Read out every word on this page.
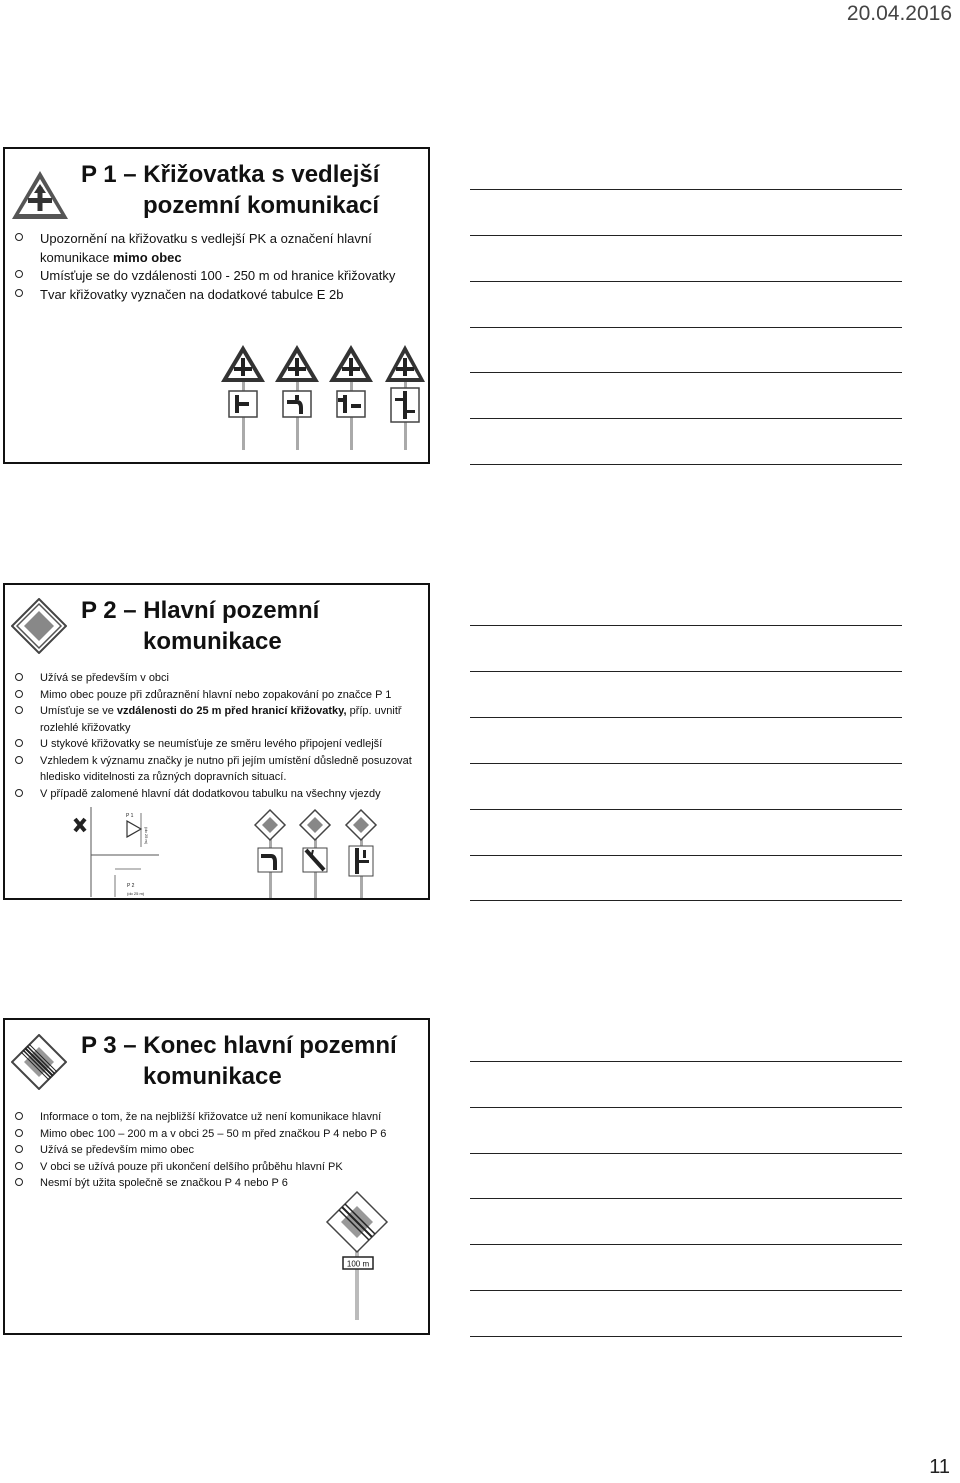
20.04.2016
P 1 – Křižovatka s vedlejší
pozemní komunikací
Upozornění na křižovatku s vedlejší PK a označení hlavní komunikace mimo obec
Umísťuje se do vzdálenosti 100 - 250 m od hranice křižovatky
Tvar křižovatky vyznačen na dodatkové tabulce E 2b
P 2 – Hlavní pozemní
komunikace
Užívá se především v obci
Mimo obec pouze při zdůraznění hlavní nebo zopakování po značce P 1
Umísťuje se ve vzdálenosti do 25 m před hranicí křižovatky, příp. uvnitř rozlehlé křižovatky
U stykové křižovatky se neumísťuje ze směru levého připojení vedlejší
Vzhledem k významu značky je nutno při jejím umístění důsledně posuzovat hledisko viditelnosti za různých dopravních situací.
V případě zalomené hlavní dát dodatkovou tabulku na všechny vjezdy
P 1
(do 25 m)
P 2
(do 25 m)
P 3 – Konec hlavní pozemní
komunikace
Informace o tom, že na nejbližší křižovatce už není komunikace hlavní
Mimo obec 100 – 200 m a v obci 25 – 50 m před značkou P 4 nebo P 6
Užívá se především mimo obec
V obci se užívá pouze při ukončení delšího průběhu hlavní PK
Nesmí být užita společně se značkou P 4 nebo P 6
100 m
11
